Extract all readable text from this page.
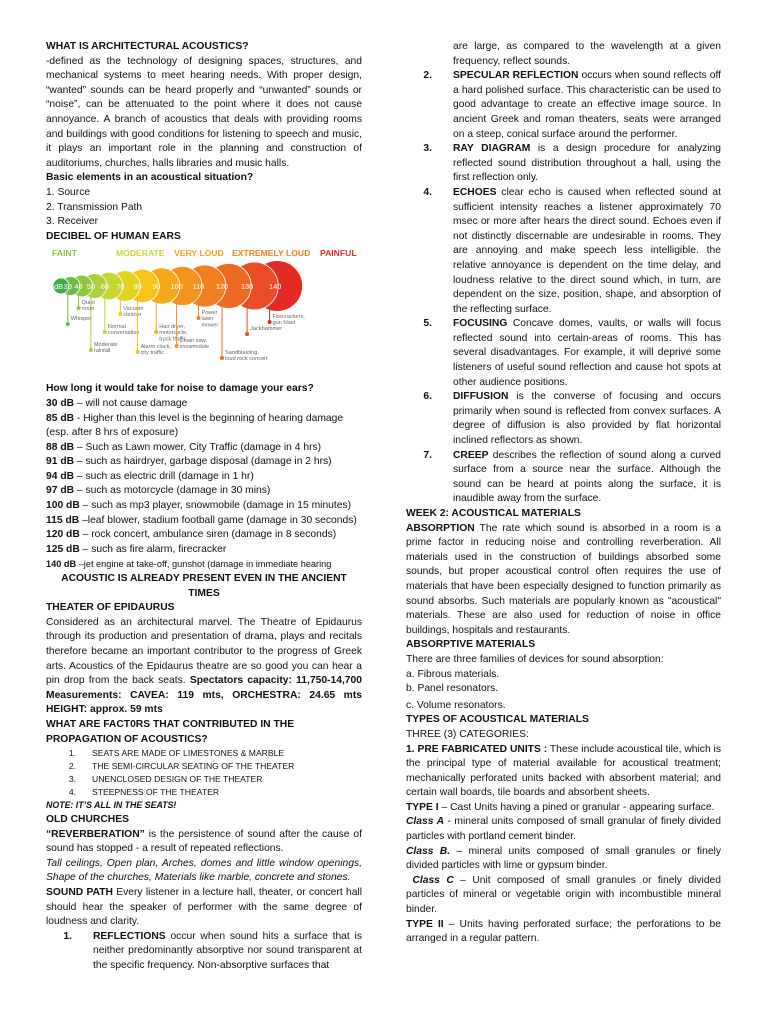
WHAT IS ARCHITECTURAL ACOUSTICS?

-defined as the technology of designing spaces, structures, and mechanical systems to meet hearing needs. With proper design, “wanted” sounds can be heard properly and “unwanted” sounds or “noise”, can be attenuated to the point where it does not cause annoyance. A branch of acoustics that deals with providing rooms and buildings with good conditions for listening to speech and music, it plays an important role in the planning and construction of auditoriums, churches, halls libraries and music halls.

Basic elements in an acoustical situation?

1. Source

2. Transmission Path

3. Receiver

DECIBEL OF HUMAN EARS

FAINT	MODERATE VERY LOUD EXTREMELY LOUD PAINFUL
dB 30 40 50 60 70 80 90 100 110 120 130 140
Whisper
Quiet
room
Moderate
rainfall
Normal
conversation
Vacuum
cleaner
Alarm clock,
city traffic
Hair dryer,
motorcycle,
truck traffic
Chain saw,
snowmobile
Power
lawn
mower
Sandblasting,
loud rock concert
Jackhammer
Firecrackers,
gun blast

How long it would take for noise to damage your ears?

30 dB – will not cause damage

85 dB - Higher than this level is the beginning of hearing damage (esp. after 8 hrs of exposure)

88 dB – Such as Lawn mower, City Traffic (damage in 4 hrs)

91 dB – such as hairdryer, garbage disposal (damage in 2 hrs)

94 dB – such as electric drill (damage in 1 hr)

97 dB – such as motorcycle (damage in 30 mins)

100 dB – such as mp3 player, snowmobile (damage in 15 minutes)

115 dB –leaf blower, stadium football game (damage in 30 seconds)

120 dB – rock concert, ambulance siren (damage in 8 seconds)

125 dB – such as fire alarm, firecracker

140 dB –jet engine at take-off, gunshot (damage in immediate hearing

ACOUSTIC IS ALREADY PRESENT EVEN IN THE ANCIENT TIMES

THEATER OF EPIDAURUS

Considered as an architectural marvel. The Theatre of Epidaurus through its production and presentation of drama, plays and recitals therefore became an important contributor to the progress of Greek arts. Acoustics of the Epidaurus theatre are so good you can hear a pin drop from the back seats. Spectators capacity: 11,750-14,700 Measurements: CAVEA: 119 mts, ORCHESTRA: 24.65 mts HEIGHT: approx. 59 mts

WHAT ARE FACT0RS THAT CONTRIBUTED IN THE PROPAGATION OF ACOUSTICS?

1. SEATS ARE MADE OF LIMESTONES & MARBLE
2. THE SEMI-CIRCULAR SEATING OF THE THEATER
3. UNENCLOSED DESIGN OF THE THEATER
4. STEEPNESS OF THE THEATER

NOTE: IT’S ALL IN THE SEATS!

OLD CHURCHES

“REVERBERATION” is the persistence of sound after the cause of sound has stopped - a result of repeated reflections.

Tall ceilings, Open plan, Arches, domes and little window openings, Shape of the churches, Materials like marble, concrete and stones.

SOUND PATH Every listener in a lecture hall, theater, or concert hall should hear the speaker of performer with the same degree of loudness and clarity.

1. REFLECTIONS occur when sound hits a surface that is neither predominantly absorptive nor sound transparent at the specific frequency. Non-absorptive surfaces that
are large, as compared to the wavelength at a given frequency, reflect sounds.
2. SPECULAR REFLECTION occurs when sound reflects off a hard polished surface. This characteristic can be used to good advantage to create an effective image source. In ancient Greek and roman theaters, seats were arranged on a steep, conical surface around the performer.
3. RAY DIAGRAM is a design procedure for analyzing reflected sound distribution throughout a hall, using the first reflection only.
4. ECHOES clear echo is caused when reflected sound at sufficient intensity reaches a listener approximately 70 msec or more after hears the direct sound. Echoes even if not distinctly discernable are undesirable in rooms. They are annoying and make speech less intelligible. the relative annoyance is dependent on the time delay, and loudness relative to the direct sound which, in turn, are dependent on the size, position, shape, and absorption of the reflecting surface.
5. FOCUSING Concave domes, vaults, or walls will focus reflected sound into certain-areas of rooms. This has several disadvantages. For example, it will deprive some listeners of useful sound reflection and cause hot spots at other audience positions.
6. DIFFUSION is the converse of focusing and occurs primarily when sound is reflected from convex surfaces. A degree of diffusion is also provided by flat horizontal inclined reflectors as shown.
7. CREEP describes the reflection of sound along a curved surface from a source near the surface. Although the sound can be heard at points along the surface, it is inaudible away from the surface.

WEEK 2: ACOUSTICAL MATERIALS

ABSORPTION The rate which sound is absorbed in a room is a prime factor in reducing noise and controlling reverberation. All materials used in the construction of buildings absorbed some sounds, but proper acoustical control often requires the use of materials that have been especially designed to function primarily as sound absorbs. Such materials are popularly known as "acoustical" materials. These are also used for reduction of noise in office buildings, hospitals and restaurants.

ABSORPTIVE MATERIALS

There are three families of devices for sound absorption:

a. Fibrous materials.

b. Panel resonators.

c. Volume resonators.

TYPES OF ACOUSTICAL MATERIALS

THREE (3) CATEGORIES:

1. PRE FABRICATED UNITS : These include acoustical tile, which is the principal type of material available for acoustical treatment; mechanically perforated units backed with absorbent material; and certain wall boards, tile boards and absorbent sheets.

TYPE I – Cast Units having a pined or granular - appearing surface.

Class A - mineral units composed of small granular of finely divided particles with portland cement binder.

Class B. – mineral units composed of small granules or finely divided particles with lime or gypsum binder.

Class C – Unit composed of small granules or finely divided particles of mineral or vegetable origin with incombustible mineral binder.

TYPE II – Units having perforated surface; the perforations to be arranged in a regular pattern.
